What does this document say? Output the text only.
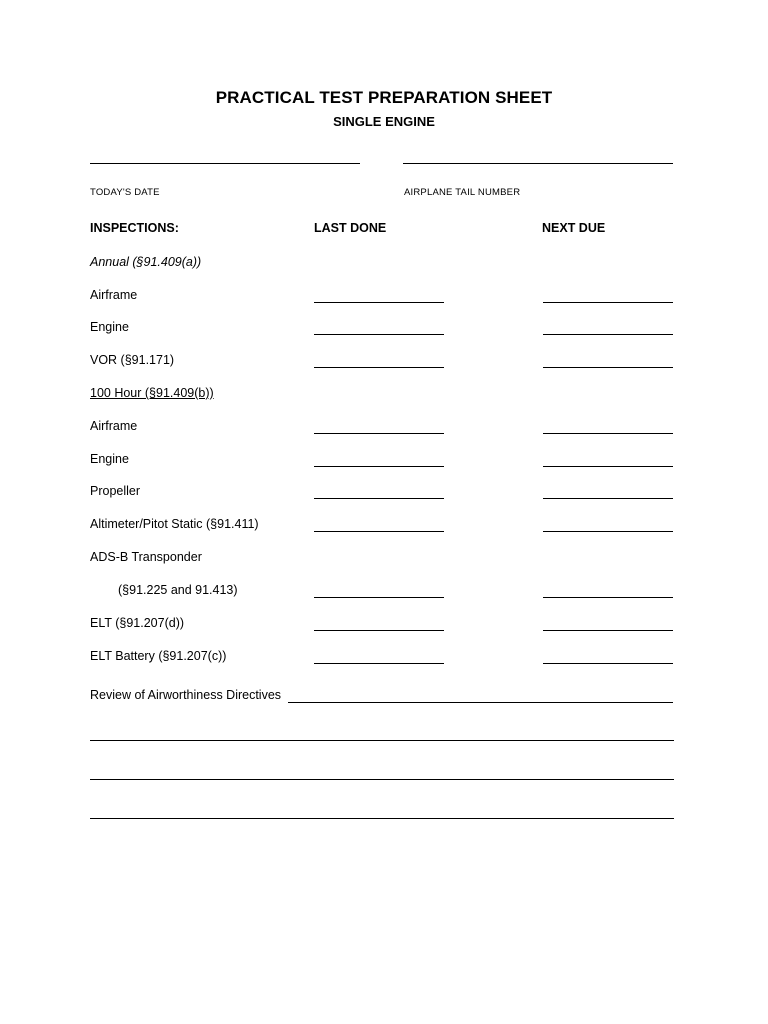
PRACTICAL TEST PREPARATION SHEET
SINGLE ENGINE
TODAY'S DATE	AIRPLANE TAIL NUMBER
INSPECTIONS:	LAST DONE	NEXT DUE
Annual (§91.409(a))
Airframe
Engine
VOR (§91.171)
100 Hour (§91.409(b))
Airframe
Engine
Propeller
Altimeter/Pitot Static (§91.411)
ADS-B Transponder
(§91.225 and 91.413)
ELT (§91.207(d))
ELT Battery (§91.207(c))
Review of Airworthiness Directives
